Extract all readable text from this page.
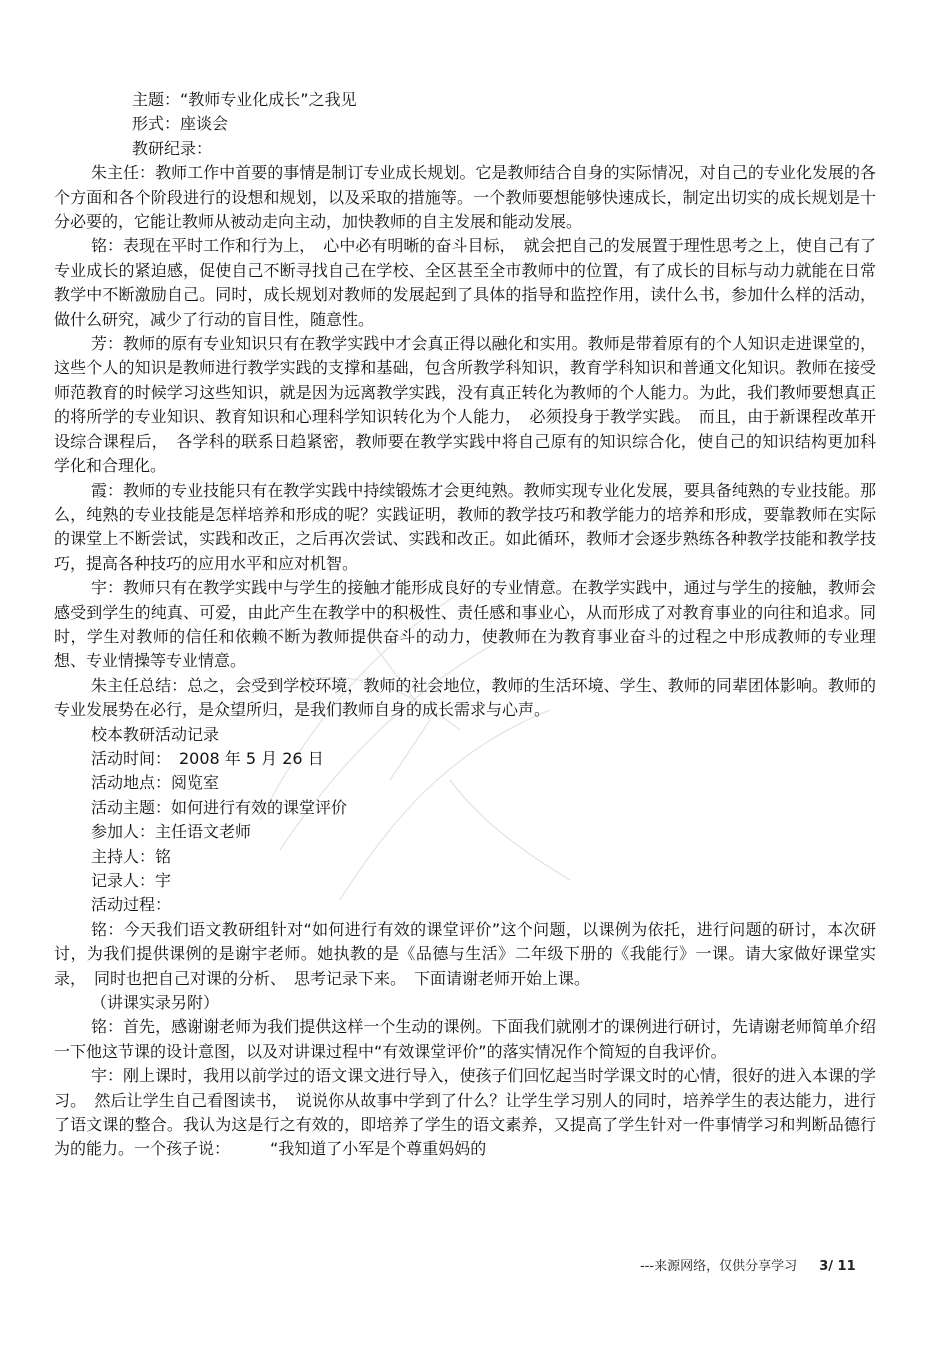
主题：“教师专业化成长”之我见

形式：座谈会

教研纪录：

朱主任：教师工作中首要的事情是制订专业成长规划。它是教师结合自身的实际情况，对自己的专业化发展的各个方面和各个阶段进行的设想和规划，以及采取的措施等。一个教师要想能够快速成长，制定出切实的成长规划是十分必要的，它能让教师从被动走向主动，加快教师的自主发展和能动发展。

铭：表现在平时工作和行为上，　心中必有明晰的奋斗目标，　就会把自己的发展置于理性思考之上，使自己有了专业成长的紧迫感，促使自己不断寻找自己在学校、全区甚至全市教师中的位置，有了成长的目标与动力就能在日常教学中不断激励自己。同时，成长规划对教师的发展起到了具体的指导和监控作用，读什么书，参加什么样的活动，做什么研究，减少了行动的盲目性，随意性。

芳：教师的原有专业知识只有在教学实践中才会真正得以融化和实用。教师是带着原有的个人知识走进课堂的，这些个人的知识是教师进行教学实践的支撑和基础，包含所教学科知识，教育学科知识和普通文化知识。教师在接受师范教育的时候学习这些知识，就是因为远离教学实践，没有真正转化为教师的个人能力。为此，我们教师要想真正的将所学的专业知识、教育知识和心理科学知识转化为个人能力，　必须投身于教学实践。　而且，由于新课程改革开设综合课程后，　各学科的联系日趋紧密，教师要在教学实践中将自己原有的知识综合化，使自己的知识结构更加科学化和合理化。

霞：教师的专业技能只有在教学实践中持续锻炼才会更纯熟。教师实现专业化发展，要具备纯熟的专业技能。那么，纯熟的专业技能是怎样培养和形成的呢？实践证明，教师的教学技巧和教学能力的培养和形成，要靠教师在实际的课堂上不断尝试，实践和改正，之后再次尝试、实践和改正。如此循环，教师才会逐步熟练各种教学技能和教学技巧，提高各种技巧的应用水平和应对机智。

宇：教师只有在教学实践中与学生的接触才能形成良好的专业情意。在教学实践中，通过与学生的接触，教师会感受到学生的纯真、可爱，由此产生在教学中的积极性、责任感和事业心，从而形成了对教育事业的向往和追求。同时，学生对教师的信任和依赖不断为教师提供奋斗的动力，使教师在为教育事业奋斗的过程之中形成教师的专业理想、专业情操等专业情意。

朱主任总结：总之，会受到学校环境，教师的社会地位，教师的生活环境、学生、教师的同辈团体影响。教师的专业发展势在必行，是众望所归，是我们教师自身的成长需求与心声。

校本教研活动记录

活动时间：　2008 年 5 月 26 日

活动地点：阅览室

活动主题：如何进行有效的课堂评价

参加人：主任语文老师

主持人：铭

记录人：宇

活动过程：

铭：今天我们语文教研组针对“如何进行有效的课堂评价”这个问题，以课例为依托，进行问题的研讨，本次研讨，为我们提供课例的是谢宇老师。她执教的是《品德与生活》二年级下册的《我能行》一课。请大家做好课堂实录，　同时也把自己对课的分析、　思考记录下来。　下面请谢老师开始上课。

（讲课实录另附）

铭：首先，感谢谢老师为我们提供这样一个生动的课例。下面我们就刚才的课例进行研讨，先请谢老师简单介绍一下他这节课的设计意图，以及对讲课过程中“有效课堂评价”的落实情况作个简短的自我评价。

宇：刚上课时，我用以前学过的语文课文进行导入，使孩子们回忆起当时学课文时的心情，很好的进入本课的学习。　然后让学生自己看图读书，　说说你从故事中学到了什么？让学生学习别人的同时，培养学生的表达能力，进行了语文课的整合。我认为这是行之有效的，即培养了学生的语文素养，又提高了学生针对一件事情学习和判断品德行为的能力。一个孩子说：　　　“我知道了小军是个尊重妈妈的

---来源网络，仅供分享学习 3/ 11
